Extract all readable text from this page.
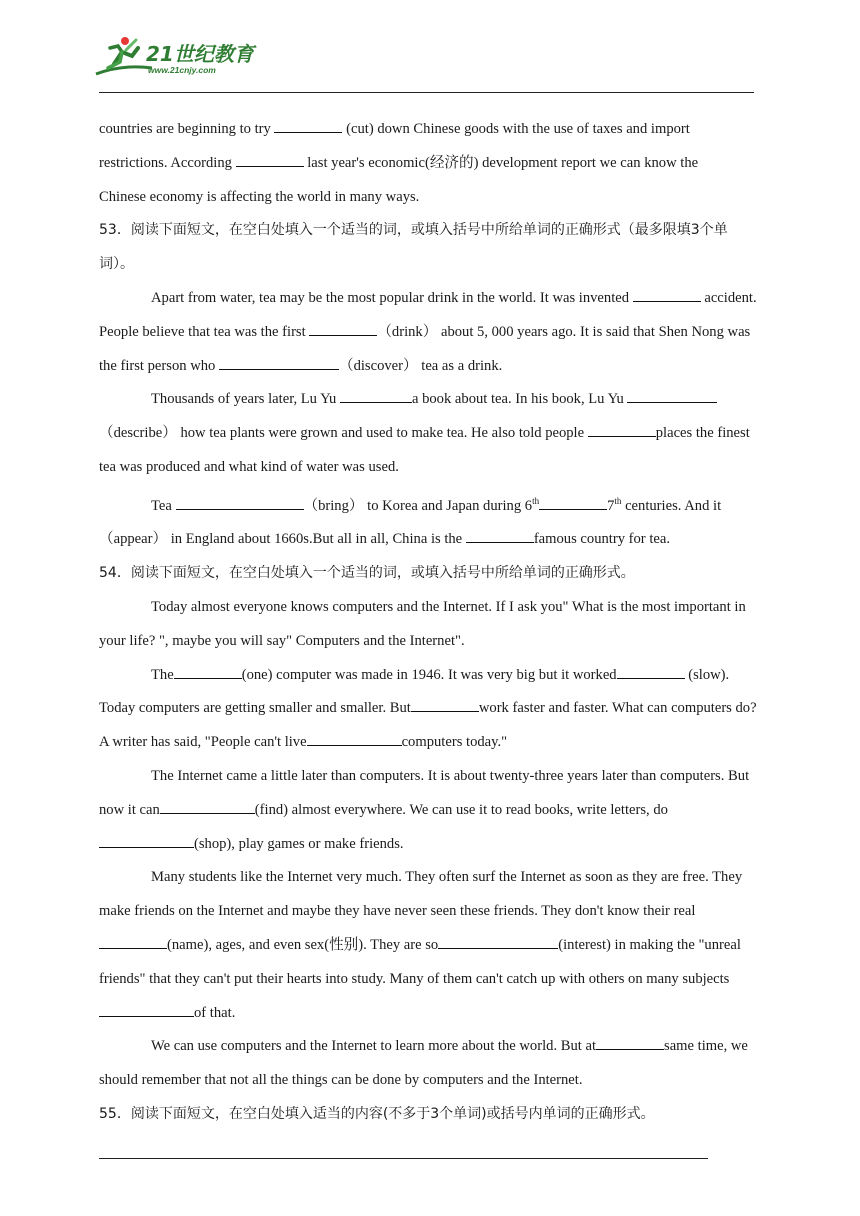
21世纪教育
www.21cnjy.com

countries are beginning to try	(cut) down Chinese goods with the use of taxes and import

restrictions. According	last year's economic(经济的) development report we can know the

Chinese economy is affecting the world in many ways.

53．阅读下面短文，在空白处填入一个适当的词，或填入括号中所给单词的正确形式（最多限填3个单词）。

Apart from water, tea may be the most popular drink in the world. It was invented	accident. People believe that tea was the first	（drink） about 5, 000 years ago. It is said that Shen Nong was the first person who	（discover） tea as a drink.

Thousands of years later, Lu Yu	a book about tea. In his book, Lu Yu （describe） how tea plants were grown and used to make tea. He also told people	places the finest tea was produced and what kind of water was used.

Tea	（bring） to Korea and Japan during 6th	7th centuries. And it （appear） in England about 1660s.But all in all, China is the	famous country for tea.

54．阅读下面短文，在空白处填入一个适当的词，或填入括号中所给单词的正确形式。

Today almost everyone knows computers and the Internet. If I ask you" What is the most important in your life? ", maybe you will say" Computers and the Internet".

The	(one) computer was made in 1946. It was very big but it worked	(slow). Today computers are getting smaller and smaller. But	work faster and faster. What can computers do? A writer has said, "People can't live	computers today."

The Internet came a little later than computers. It is about twenty-three years later than computers. But now it can	(find) almost everywhere. We can use it to read books, write letters, do(shop), play games or make friends.

Many students like the Internet very much. They often surf the Internet as soon as they are free. They make friends on the Internet and maybe they have never seen these friends. They don't know their real(name), ages, and even sex(性别). They are so	(interest) in making the "unreal friends" that they can't put their hearts into study. Many of them can't catch up with others on many subjectsof that.

We can use computers and the Internet to learn more about the world. But at	same time, we should remember that not all the things can be done by computers and the Internet.

55．阅读下面短文，在空白处填入适当的内容(不多于3个单词)或括号内单词的正确形式。
